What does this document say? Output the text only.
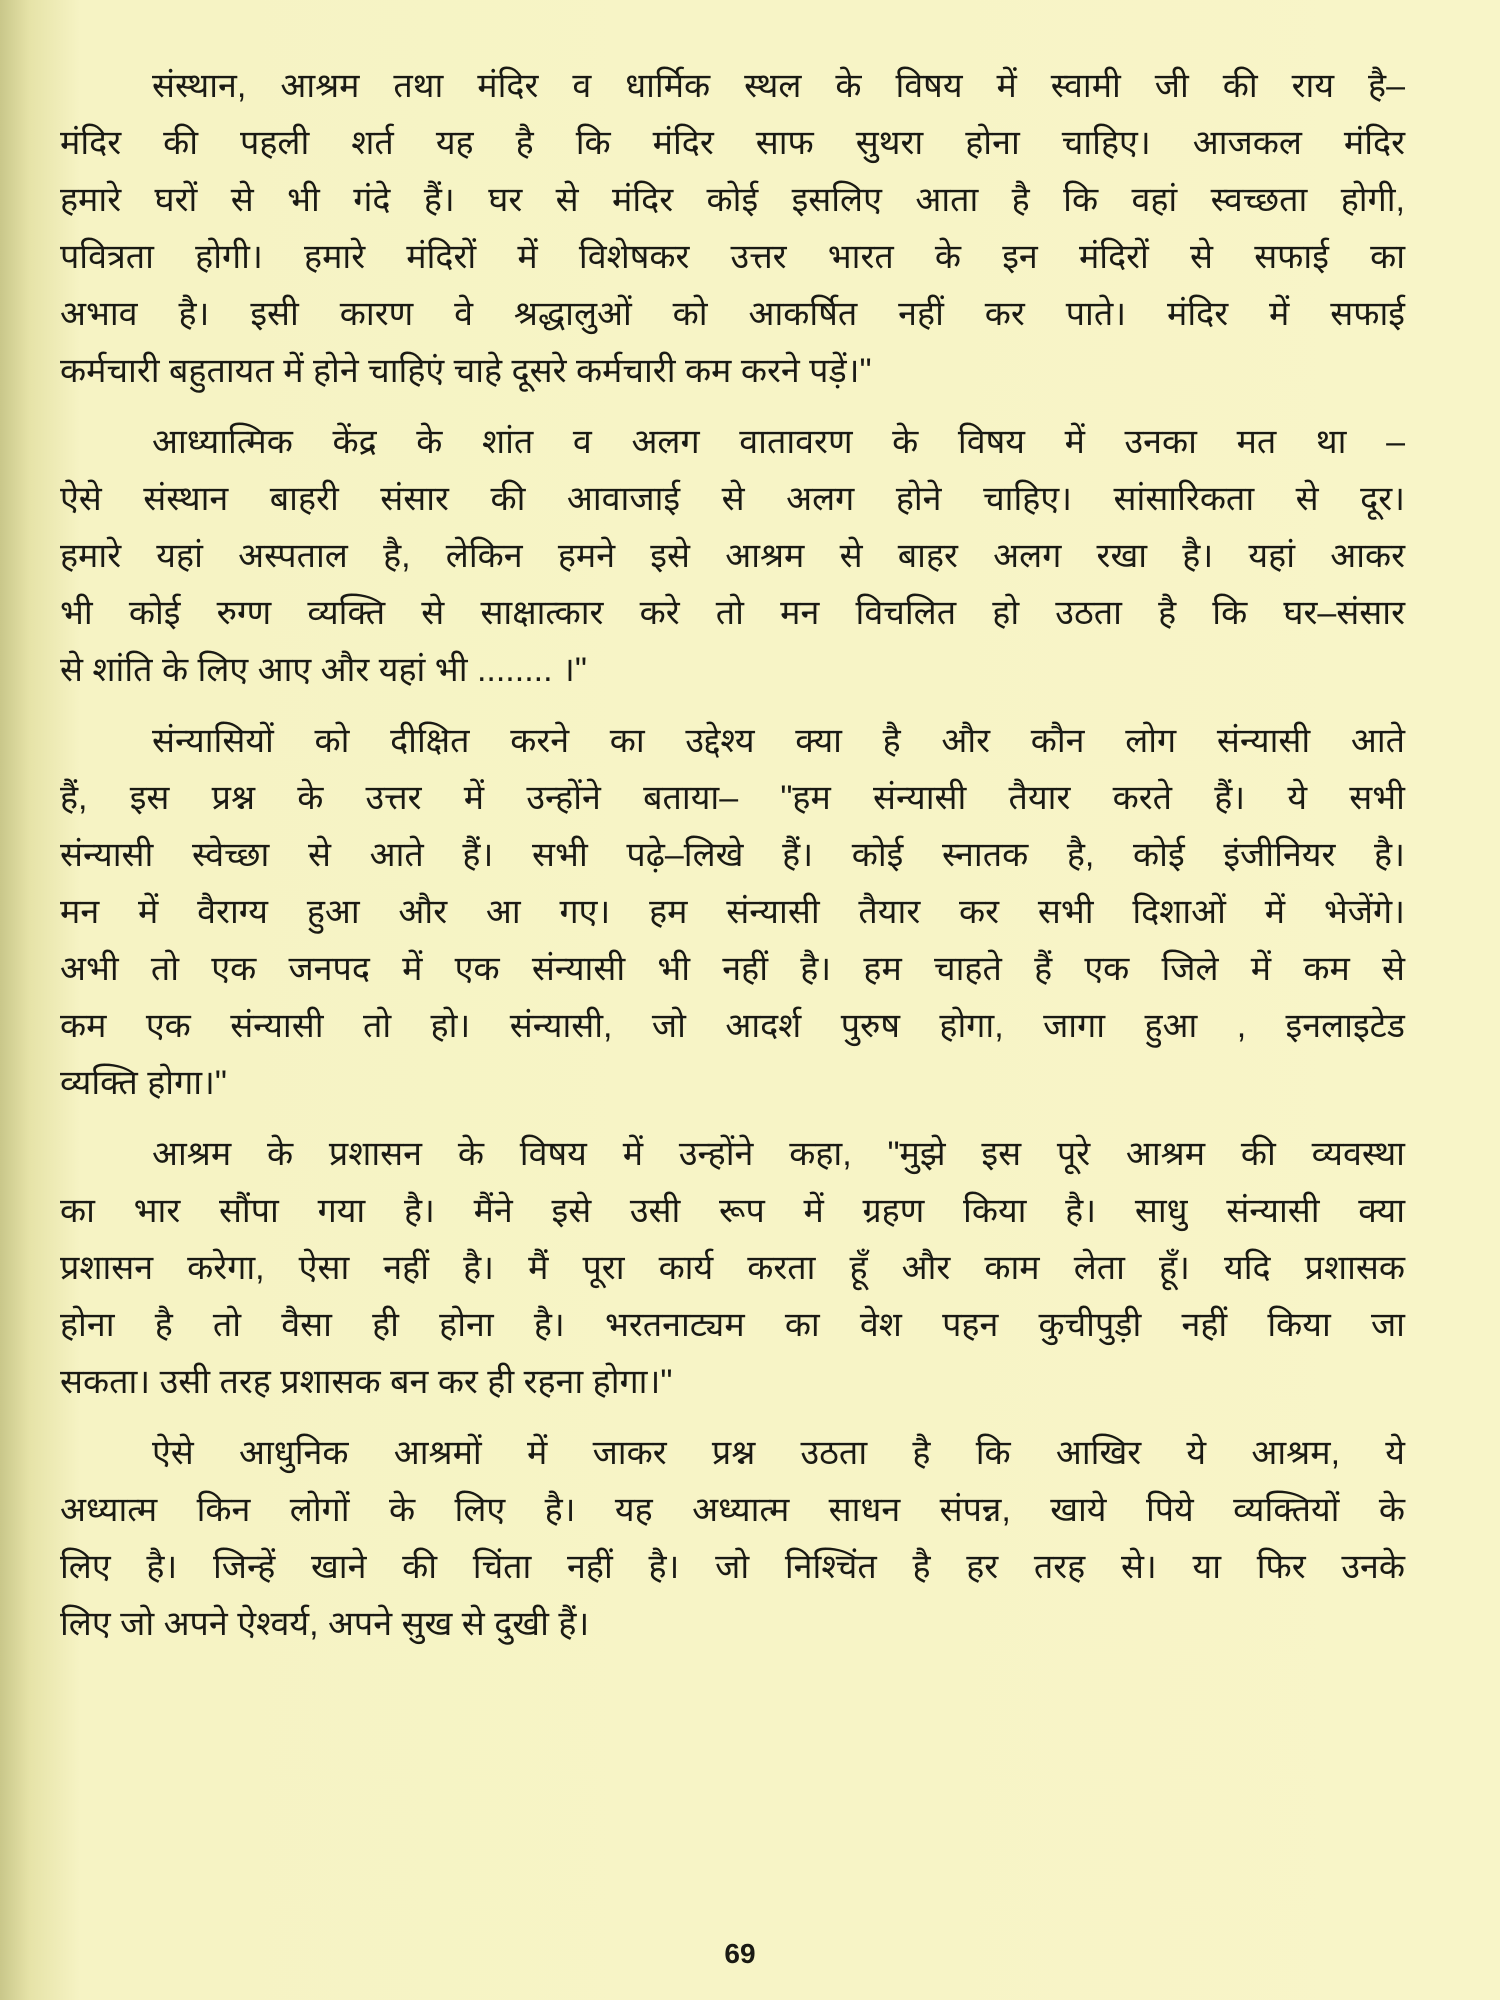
संस्थान, आश्रम तथा मंदिर व धार्मिक स्थल के विषय में स्वामी जी की राय है–
मंदिर की पहली शर्त यह है कि मंदिर साफ सुथरा होना चाहिए। आजकल मंदिर
हमारे घरों से भी गंदे हैं। घर से मंदिर कोई इसलिए आता है कि वहां स्वच्छता होगी,
पवित्रता होगी। हमारे मंदिरों में विशेषकर उत्तर भारत के इन मंदिरों से सफाई का
अभाव है। इसी कारण वे श्रद्धालुओं को आकर्षित नहीं कर पाते। मंदिर में सफाई
कर्मचारी बहुतायत में होने चाहिएं चाहे दूसरे कर्मचारी कम करने पड़ें।"
आध्यात्मिक केंद्र के शांत व अलग वातावरण के विषय में उनका मत था –
ऐसे संस्थान बाहरी संसार की आवाजाई से अलग होने चाहिए। सांसारिकता से दूर।
हमारे यहां अस्पताल है, लेकिन हमने इसे आश्रम से बाहर अलग रखा है। यहां आकर
भी कोई रुग्ण व्यक्ति से साक्षात्कार करे तो मन विचलित हो उठता है कि घर–संसार
से शांति के लिए आए और यहां भी ........ ।"
संन्यासियों को दीक्षित करने का उद्देश्य क्या है और कौन लोग संन्यासी आते
हैं, इस प्रश्न के उत्तर में उन्होंने बताया– "हम संन्यासी तैयार करते हैं। ये सभी
संन्यासी स्वेच्छा से आते हैं। सभी पढ़े–लिखे हैं। कोई स्नातक है, कोई इंजीनियर है।
मन में वैराग्य हुआ और आ गए। हम संन्यासी तैयार कर सभी दिशाओं में भेजेंगे।
अभी तो एक जनपद में एक संन्यासी भी नहीं है। हम चाहते हैं एक जिले में कम से
कम एक संन्यासी तो हो। संन्यासी, जो आदर्श पुरुष होगा, जागा हुआ , इनलाइटेड
व्यक्ति होगा।"
आश्रम के प्रशासन के विषय में उन्होंने कहा, "मुझे इस पूरे आश्रम की व्यवस्था
का भार सौंपा गया है। मैंने इसे उसी रूप में ग्रहण किया है। साधु संन्यासी क्या
प्रशासन करेगा, ऐसा नहीं है। मैं पूरा कार्य करता हूँ और काम लेता हूँ। यदि प्रशासक
होना है तो वैसा ही होना है। भरतनाट्यम का वेश पहन कुचीपुड़ी नहीं किया जा
सकता। उसी तरह प्रशासक बन कर ही रहना होगा।"
ऐसे आधुनिक आश्रमों में जाकर प्रश्न उठता है कि आखिर ये आश्रम, ये
अध्यात्म किन लोगों के लिए है। यह अध्यात्म साधन संपन्न, खाये पिये व्यक्तियों के
लिए है। जिन्हें खाने की चिंता नहीं है। जो निश्चिंत है हर तरह से। या फिर उनके
लिए जो अपने ऐश्वर्य, अपने सुख से दुखी हैं।
69
